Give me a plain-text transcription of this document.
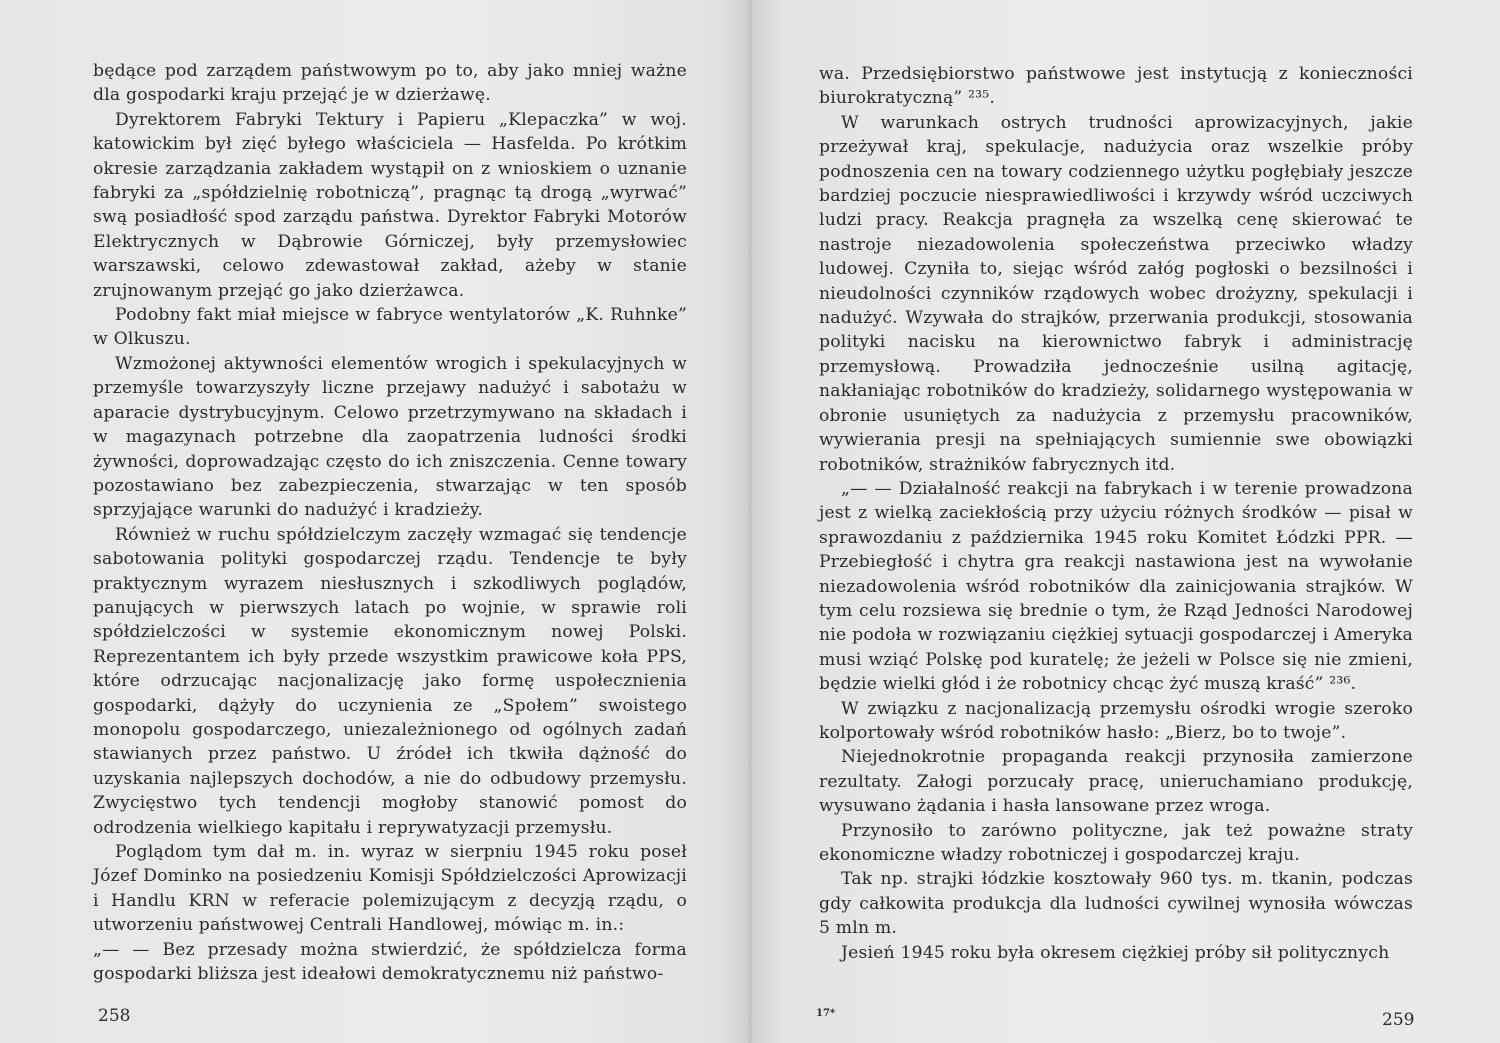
będące pod zarządem państwowym po to, aby jako mniej ważne dla gospodarki kraju przejąć je w dzierżawę.

Dyrektorem Fabryki Tektury i Papieru „Klepaczka” w woj. katowickim był zięć byłego właściciela — Hasfelda. Po krótkim okresie zarządzania zakładem wystąpił on z wnioskiem o uznanie fabryki za „spółdzielnię robotniczą”, pragnąc tą drogą „wyrwać” swą posiadłość spod zarządu państwa. Dyrektor Fabryki Motorów Elektrycznych w Dąbrowie Górniczej, były przemysłowiec warszawski, celowo zdewastował zakład, ażeby w stanie zrujnowanym przejąć go jako dzierżawca.

Podobny fakt miał miejsce w fabryce wentylatorów „K. Ruhnke” w Olkuszu.

Wzmożonej aktywności elementów wrogich i spekulacyjnych w przemyśle towarzyszyły liczne przejawy nadużyć i sabotażu w aparacie dystrybucyjnym. Celowo przetrzymywano na składach i w magazynach potrzebne dla zaopatrzenia ludności środki żywności, doprowadzając często do ich zniszczenia. Cenne towary pozostawiano bez zabezpieczenia, stwarzając w ten sposób sprzyjające warunki do nadużyć i kradzieży.

Również w ruchu spółdzielczym zaczęły wzmagać się tendencje sabotowania polityki gospodarczej rządu. Tendencje te były praktycznym wyrazem niesłusznych i szkodliwych poglądów, panujących w pierwszych latach po wojnie, w sprawie roli spółdzielczości w systemie ekonomicznym nowej Polski. Reprezentantem ich były przede wszystkim prawicowe koła PPS, które odrzucając nacjonalizację jako formę uspołecznienia gospodarki, dążyły do uczynienia ze „Społem” swoistego monopolu gospodarczego, uniezależnionego od ogólnych zadań stawianych przez państwo. U źródeł ich tkwiła dążność do uzyskania najlepszych dochodów, a nie do odbudowy przemysłu. Zwycięstwo tych tendencji mogłoby stanowić pomost do odrodzenia wielkiego kapitału i reprywatyzacji przemysłu.

Poglądom tym dał m. in. wyraz w sierpniu 1945 roku poseł Józef Dominko na posiedzeniu Komisji Spółdzielczości Aprowizacji i Handlu KRN w referacie polemizującym z decyzją rządu, o utworzeniu państwowej Centrali Handlowej, mówiąc m. in.:

„— — Bez przesady można stwierdzić, że spółdzielcza forma gospodarki bliższa jest ideałowi demokratycznemu niż państwo-

258

wa. Przedsiębiorstwo państwowe jest instytucją z konieczności biurokratyczną” ²³⁵.

W warunkach ostrych trudności aprowizacyjnych, jakie przeżywał kraj, spekulacje, nadużycia oraz wszelkie próby podnoszenia cen na towary codziennego użytku pogłębiały jeszcze bardziej poczucie niesprawiedliwości i krzywdy wśród uczciwych ludzi pracy. Reakcja pragnęła za wszelką cenę skierować te nastroje niezadowolenia społeczeństwa przeciwko władzy ludowej. Czyniła to, siejąc wśród załóg pogłoski o bezsilności i nieudolności czynników rządowych wobec drożyzny, spekulacji i nadużyć. Wzywała do strajków, przerwania produkcji, stosowania polityki nacisku na kierownictwo fabryk i administrację przemysłową. Prowadziła jednocześnie usilną agitację, nakłaniając robotników do kradzieży, solidarnego występowania w obronie usuniętych za nadużycia z przemysłu pracowników, wywierania presji na spełniających sumiennie swe obowiązki robotników, strażników fabrycznych itd.

„— — Działalność reakcji na fabrykach i w terenie prowadzona jest z wielką zaciekłością przy użyciu różnych środków — pisał w sprawozdaniu z października 1945 roku Komitet Łódzki PPR. — Przebiegłość i chytra gra reakcji nastawiona jest na wywołanie niezadowolenia wśród robotników dla zainicjowania strajków. W tym celu rozsiewa się brednie o tym, że Rząd Jedności Narodowej nie podoła w rozwiązaniu ciężkiej sytuacji gospodarczej i Ameryka musi wziąć Polskę pod kuratelę; że jeżeli w Polsce się nie zmieni, będzie wielki głód i że robotnicy chcąc żyć muszą kraść” ²³⁶.

W związku z nacjonalizacją przemysłu ośrodki wrogie szeroko kolportowały wśród robotników hasło: „Bierz, bo to twoje”.

Niejednokrotnie propaganda reakcji przynosiła zamierzone rezultaty. Załogi porzucały pracę, unieruchamiano produkcję, wysuwano żądania i hasła lansowane przez wroga.

Przynosiło to zarówno polityczne, jak też poważne straty ekonomiczne władzy robotniczej i gospodarczej kraju.

Tak np. strajki łódzkie kosztowały 960 tys. m. tkanin, podczas gdy całkowita produkcja dla ludności cywilnej wynosiła wówczas 5 mln m.

Jesień 1945 roku była okresem ciężkiej próby sił politycznych

17*	259
